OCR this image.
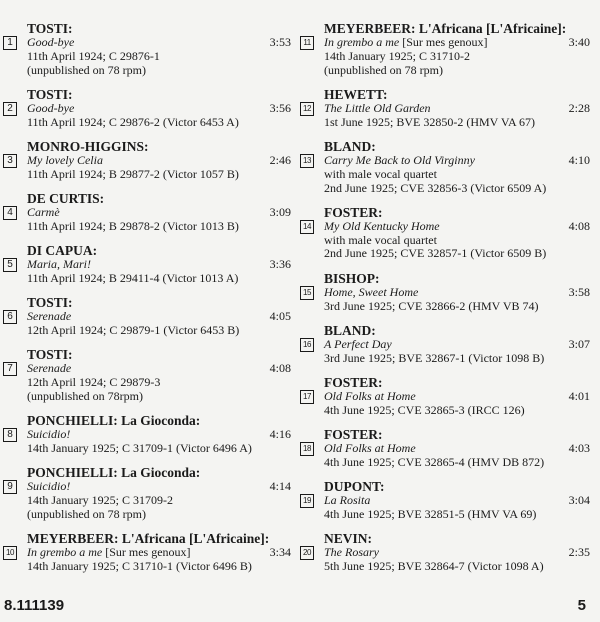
1
TOSTI:
Good-bye	3:53
11th April 1924; C 29876-1
(unpublished on 78 rpm)
2
TOSTI:
Good-bye	3:56
11th April 1924; C 29876-2 (Victor 6453 A)
3
MONRO-HIGGINS:
My lovely Celia	2:46
11th April 1924; B 29877-2 (Victor 1057 B)
4
DE CURTIS:
Carmè	3:09
11th April 1924; B 29878-2 (Victor 1013 B)
5
DI CAPUA:
Maria, Mari!	3:36
11th April 1924; B 29411-4 (Victor 1013 A)
6
TOSTI:
Serenade	4:05
12th April 1924; C 29879-1 (Victor 6453 B)
7
TOSTI:
Serenade	4:08
12th April 1924; C 29879-3
(unpublished on 78rpm)
8
PONCHIELLI: La Gioconda:
Suicidio!	4:16
14th January 1925; C 31709-1 (Victor 6496 A)
9
PONCHIELLI: La Gioconda:
Suicidio!	4:14
14th January 1925; C 31709-2
(unpublished on 78 rpm)
10
MEYERBEER: L'Africana [L'Africaine]:
In grembo a me [Sur mes genoux]	3:34
14th January 1925; C 31710-1 (Victor 6496 B)
11
MEYERBEER: L'Africana [L'Africaine]:
In grembo a me [Sur mes genoux]	3:40
14th January 1925; C 31710-2
(unpublished on 78 rpm)
12
HEWETT:
The Little Old Garden	2:28
1st June 1925; BVE 32850-2 (HMV VA 67)
13
BLAND:
Carry Me Back to Old Virginny	4:10
with male vocal quartet
2nd June 1925; CVE 32856-3 (Victor 6509 A)
14
FOSTER:
My Old Kentucky Home	4:08
with male vocal quartet
2nd June 1925; CVE 32857-1 (Victor 6509 B)
15
BISHOP:
Home, Sweet Home	3:58
3rd June 1925; CVE 32866-2 (HMV VB 74)
16
BLAND:
A Perfect Day	3:07
3rd June 1925; BVE 32867-1 (Victor 1098 B)
17
FOSTER:
Old Folks at Home	4:01
4th June 1925; CVE 32865-3 (IRCC 126)
18
FOSTER:
Old Folks at Home	4:03
4th June 1925; CVE 32865-4 (HMV DB 872)
19
DUPONT:
La Rosita	3:04
4th June 1925; BVE 32851-5 (HMV VA 69)
20
NEVIN:
The Rosary	2:35
5th June 1925; BVE 32864-7 (Victor 1098 A)
8.111139	5
